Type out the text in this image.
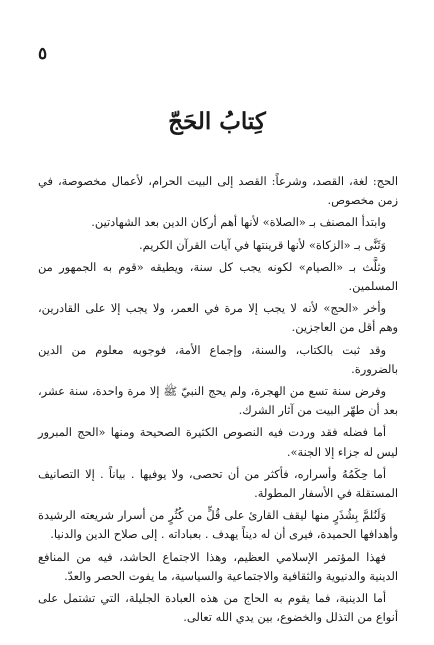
٥
كِتابُ الحَجّ

الحج: لغة، القصد، وشرعاً: القصد إلى البيت الحرام، لأعمال مخصوصة، في زمن مخصوص.

وابتدأ المصنف بـ «الصلاة» لأنها أهم أركان الدين بعد الشهادتين.

وَثَنَّى بـ «الزكاة» لأنها قرينتها في آيات القرآن الكريم.

وثلَّث بـ «الصيام» لكونه يجب كل سنة، ويطيقه «قوم به الجمهور من المسلمين.

وأخر «الحج» لأنه لا يجب إلا مرة في العمر، ولا يجب إلا على القادرين، وهم أقل من العاجزين.

وقد ثبت بالكتاب، والسنة، وإجماع الأمة، فوجوبه معلوم من الدين بالضرورة.

وفرض سنة تسع من الهجرة، ولم يحج النبيّ ﷺ إلا مرة واحدة، سنة عشر، بعد أن طهّر البيت من آثار الشرك.

أما فضله فقد وردت فيه النصوص الكثيرة الصحيحة ومنها «الحج المبرور ليس له جزاء إلا الجنة».

أما حِكَمُهُ وأسراره، فأكثر من أن تحصى، ولا يوفيها . بياناً . إلا التصانيف المستقلة في الأسفار المطولة.

وَلَنُلمَّ بِشُذَرٍ منها ليقف القارئ على قُلٍّ من كُثُرٍ من أسرار شريعته الرشيدة وأهدافها الحميدة، فيرى أن له ديناً يهدف . بعباداته . إلى صلاح الدين والدنيا.

فهذا المؤتمر الإسلامي العظيم، وهذا الاجتماع الحاشد، فيه من المنافع الدينية والدنيوية والثقافية والاجتماعية والسياسية، ما يفوت الحصر والعدّ.

أما الدينية، فما يقوم به الحاج من هذه العبادة الجليلة، التي تشتمل على أنواع من التذلل والخضوع، بين يدي الله تعالى.
